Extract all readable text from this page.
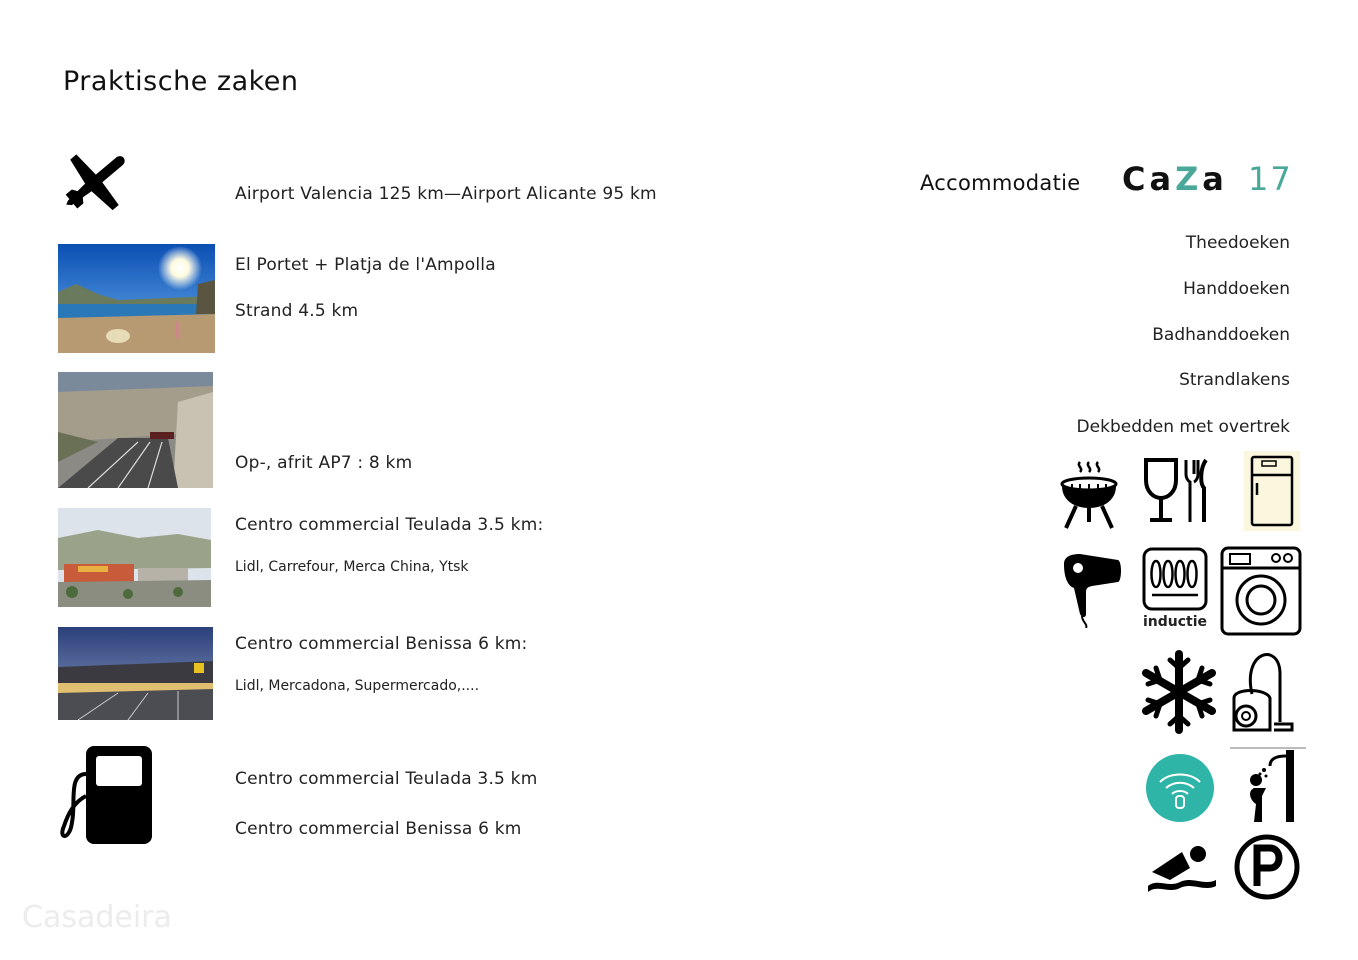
Praktische zaken
Airport Valencia 125 km—Airport Alicante 95 km
El Portet + Platja de l'Ampolla
Strand 4.5 km
Op-, afrit AP7 : 8 km
Centro commercial Teulada 3.5 km:
Lidl, Carrefour, Merca China, Ytsk
Centro commercial Benissa 6 km:
Lidl, Mercadona, Supermercado,....
Centro commercial Teulada 3.5 km
Centro commercial Benissa 6 km
Accommodatie CaZa 17
Theedoeken
Handdoeken
Badhanddoeken
Strandlakens
Dekbedden met overtrek
inductie
Casadeira
